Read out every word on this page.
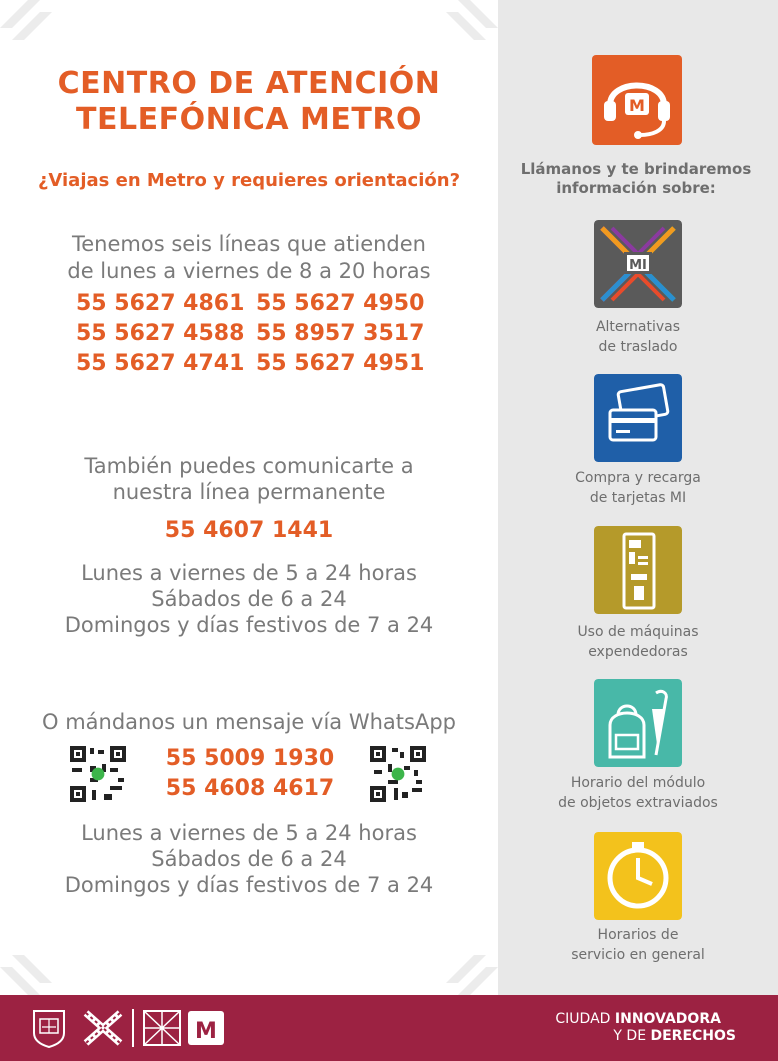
CENTRO DE ATENCIÓN
TELEFÓNICA METRO
¿Viajas en Metro y requieres orientación?
Tenemos seis líneas que atienden
de lunes a viernes de 8 a 20 horas
55 5627 4861 55 5627 4950
55 5627 4588 55 8957 3517
55 5627 4741 55 5627 4951
También puedes comunicarte a
nuestra línea permanente
55 4607 1441
Lunes a viernes de 5 a 24 horas
Sábados de 6 a 24
Domingos y días festivos de 7 a 24
O mándanos un mensaje vía WhatsApp
55 5009 1930
55 4608 4617
Lunes a viernes de 5 a 24 horas
Sábados de 6 a 24
Domingos y días festivos de 7 a 24
M
Llámanos y te brindaremos
información sobre:
MI
Alternativas
de traslado
Compra y recarga
de tarjetas MI
Uso de máquinas
expendedoras
Horario del módulo
de objetos extraviados
Horarios de
servicio en general
M	CIUDAD INNOVADORA
Y DE DERECHOS
